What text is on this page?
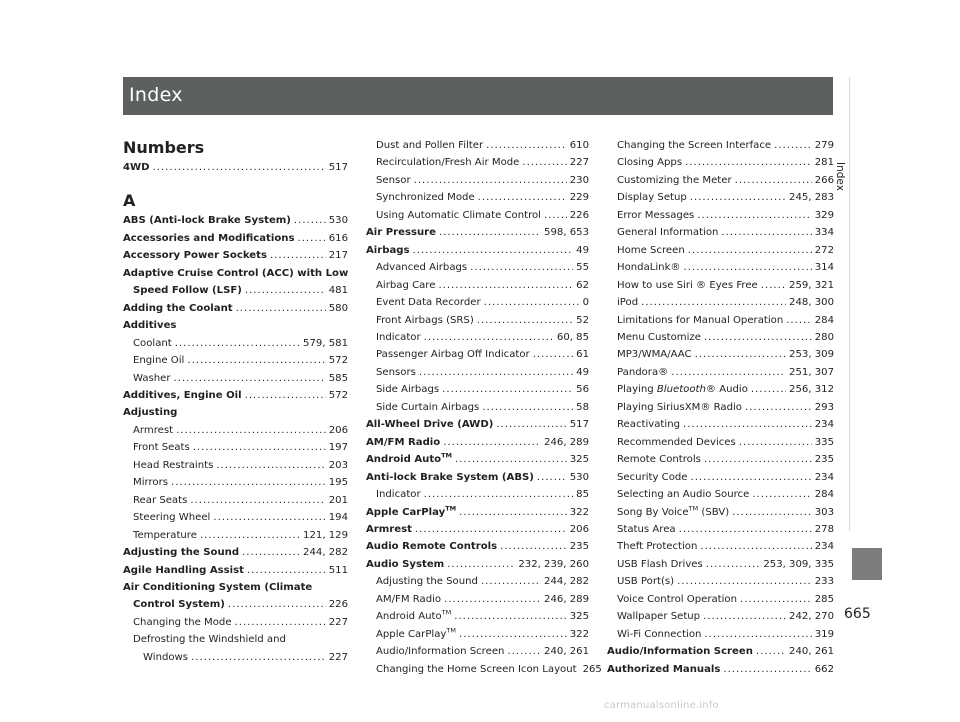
Index
Index
665
Numbers
4WD .....	517
A
ABS (Anti-lock Brake System) .....	530
Accessories and Modifications .....	616
Accessory Power Sockets .....	217
Adaptive Cruise Control (ACC) with Low
Speed Follow (LSF) .....	481
Adding the Coolant .....	580
Additives
Coolant .....	579, 581
Engine Oil .....	572
Washer .....	585
Additives, Engine Oil .....	572
Adjusting
Armrest .....	206
Front Seats .....	197
Head Restraints .....	203
Mirrors .....	195
Rear Seats .....	201
Steering Wheel .....	194
Temperature .....	121, 129
Adjusting the Sound .....	244, 282
Agile Handling Assist .....	511
Air Conditioning System (Climate
Control System) .....	226
Changing the Mode .....	227
Defrosting the Windshield and
Windows .....	227
Dust and Pollen Filter .....	610
Recirculation/Fresh Air Mode .....	227
Sensor .....	230
Synchronized Mode .....	229
Using Automatic Climate Control .....	226
Air Pressure .....	598, 653
Airbags .....	49
Advanced Airbags .....	55
Airbag Care .....	62
Event Data Recorder .....	0
Front Airbags (SRS) .....	52
Indicator .....	60, 85
Passenger Airbag Off Indicator .....	61
Sensors .....	49
Side Airbags .....	56
Side Curtain Airbags .....	58
All-Wheel Drive (AWD) .....	517
AM/FM Radio .....	246, 289
Android Auto™ .....	325
Anti-lock Brake System (ABS) .....	530
Indicator .....	85
Apple CarPlay™ .....	322
Armrest .....	206
Audio Remote Controls .....	235
Audio System .....	232, 239, 260
Adjusting the Sound .....	244, 282
AM/FM Radio .....	246, 289
Android Auto™ .....	325
Apple CarPlay™ .....	322
Audio/Information Screen .....	240, 261
Changing the Home Screen Icon Layout 265
Changing the Screen Interface .....	279
Closing Apps .....	281
Customizing the Meter .....	266
Display Setup .....	245, 283
Error Messages .....	329
General Information .....	334
Home Screen .....	272
HondaLink® .....	314
How to use Siri ® Eyes Free .....	259, 321
iPod .....	248, 300
Limitations for Manual Operation .....	284
Menu Customize .....	280
MP3/WMA/AAC .....	253, 309
Pandora® .....	251, 307
Playing Bluetooth® Audio .....	256, 312
Playing SiriusXM® Radio .....	293
Reactivating .....	234
Recommended Devices .....	335
Remote Controls .....	235
Security Code .....	234
Selecting an Audio Source .....	284
Song By Voice™ (SBV) .....	303
Status Area .....	278
Theft Protection .....	234
USB Flash Drives .....	253, 309, 335
USB Port(s) .....	233
Voice Control Operation .....	285
Wallpaper Setup .....	242, 270
Wi-Fi Connection .....	319
Audio/Information Screen .....	240, 261
Authorized Manuals .....	662
carmanualsonline.info
